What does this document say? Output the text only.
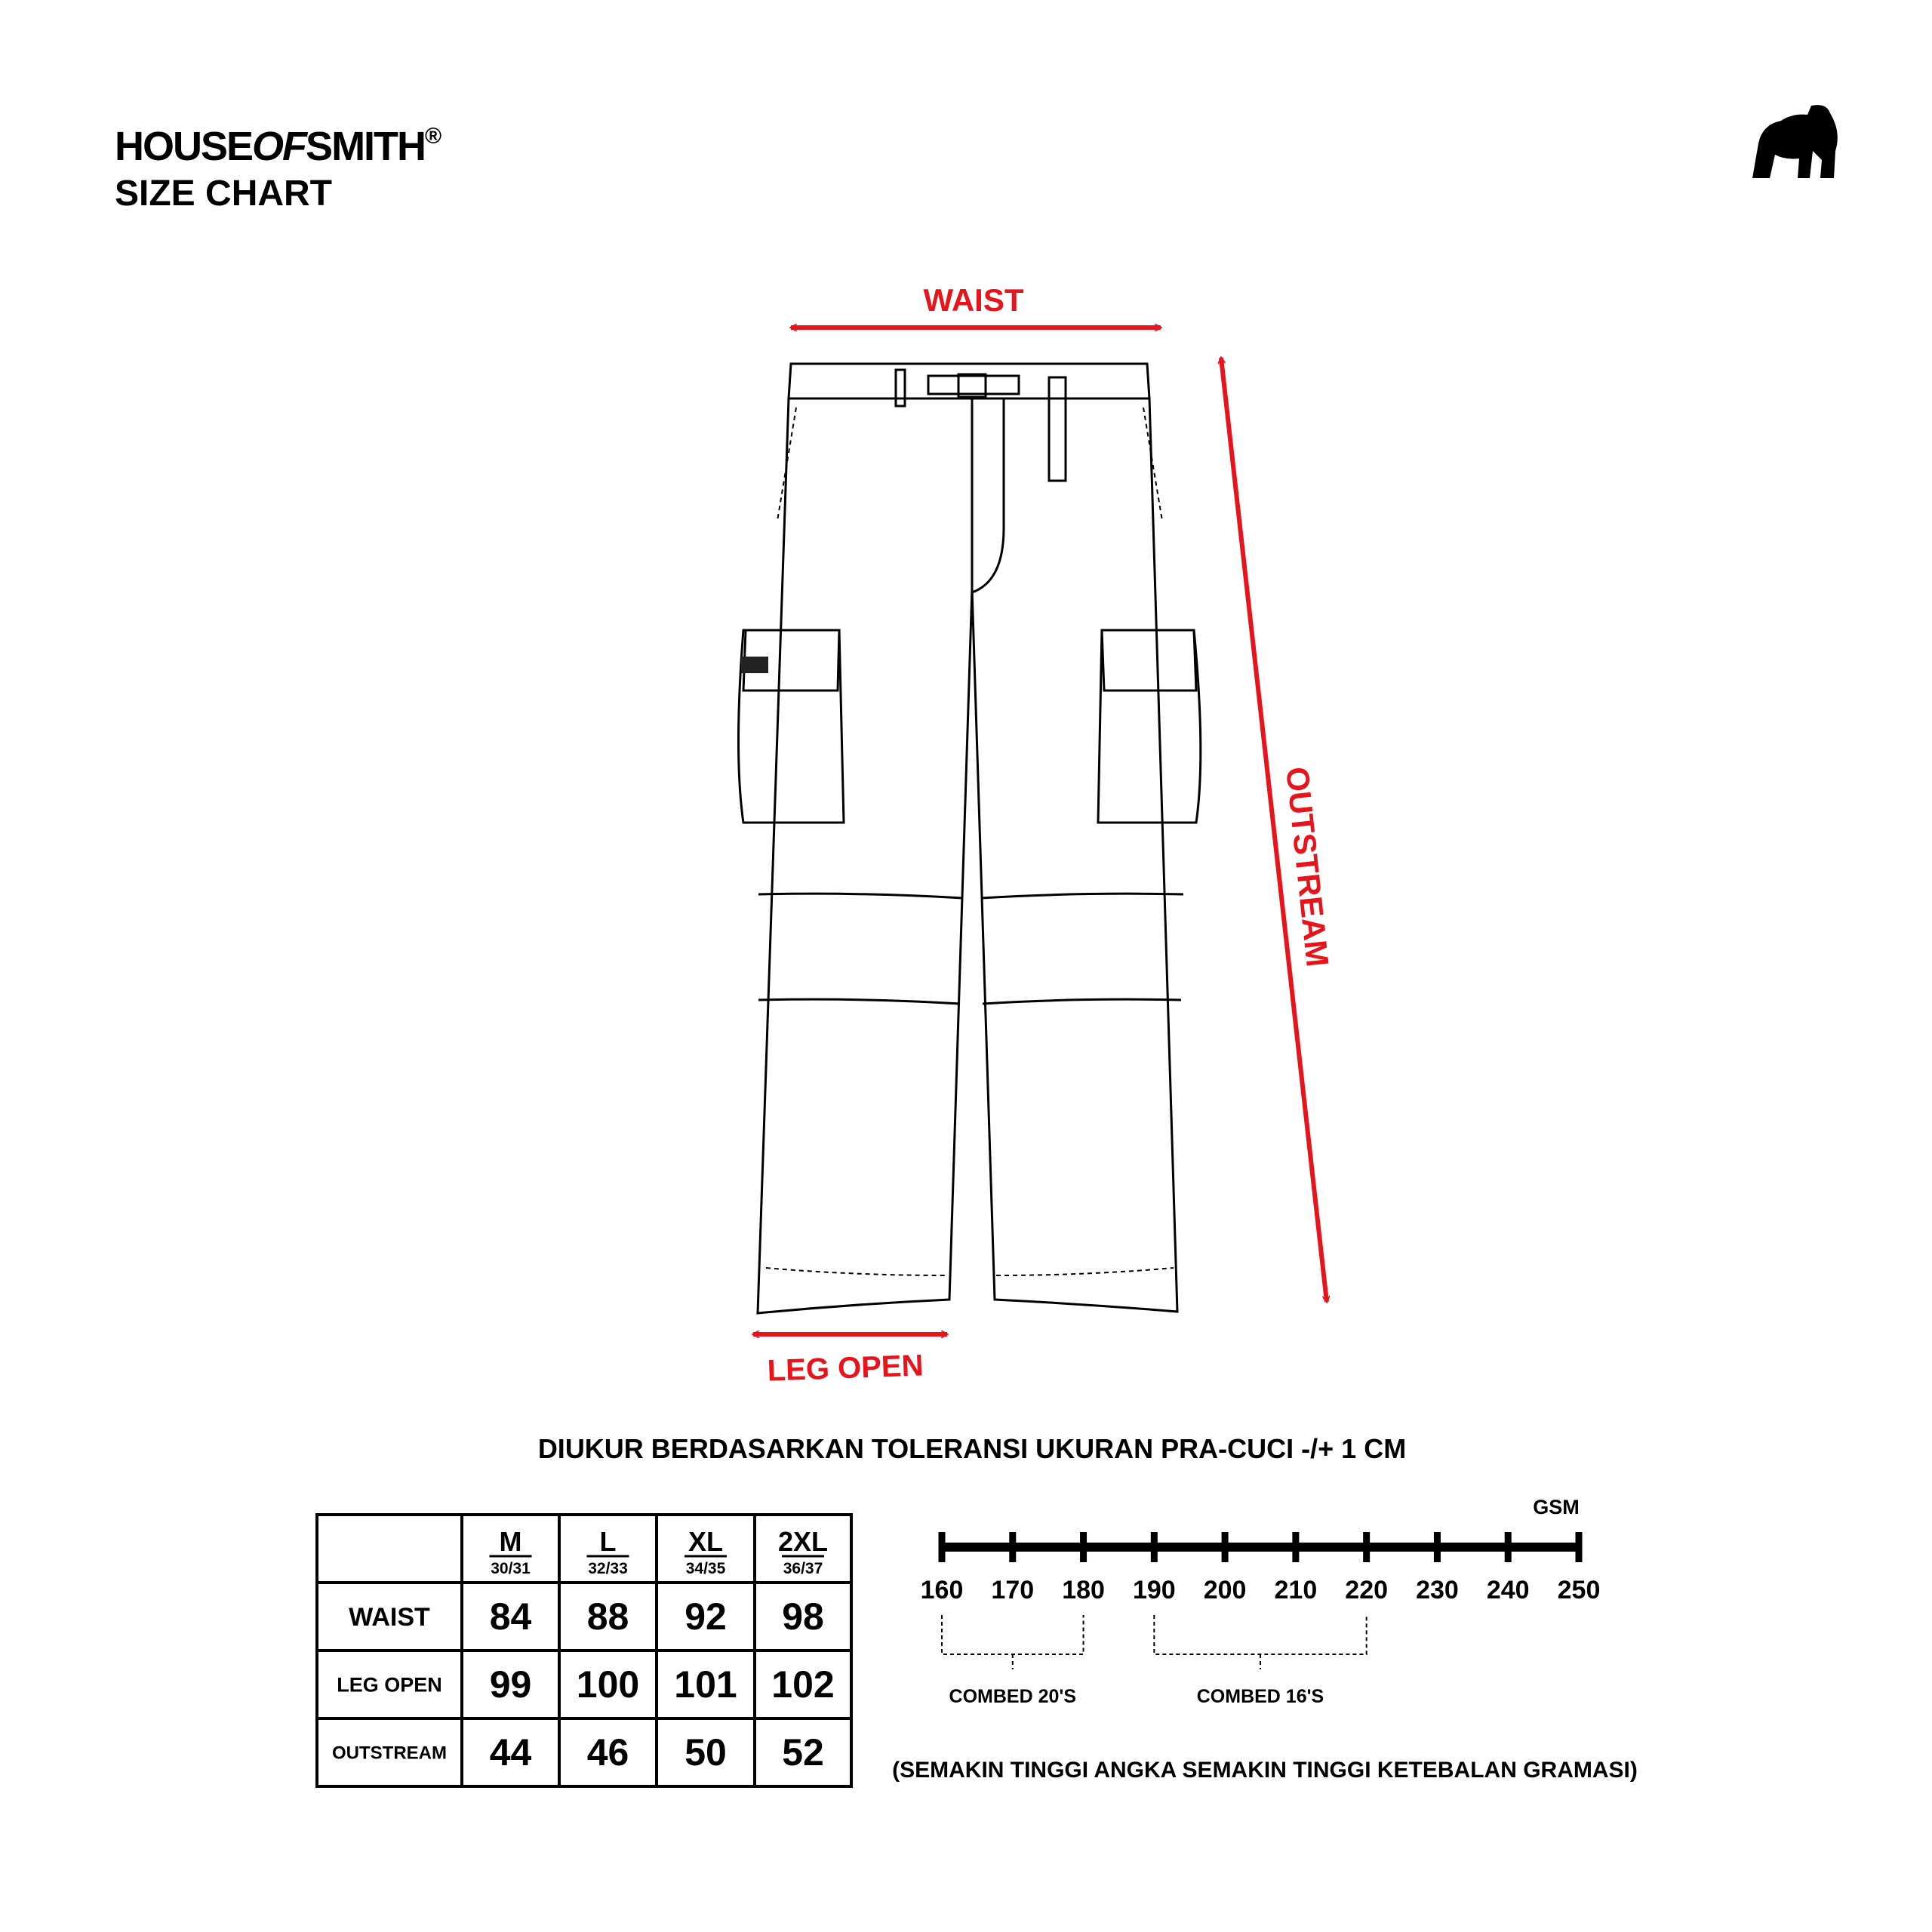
HOUSEOFSMITH®
SIZE CHART
WAIST
OUTSTREAM
LEG OPEN
DIUKUR BERDASARKAN TOLERANSI UKURAN PRA-CUCI -/+ 1 CM
M
30/31
L
32/33
XL
34/35
2XL
36/37
WAIST 84 88 92 98
LEG OPEN 99 100 101 102
OUTSTREAM 44 46 50 52
GSM
(SEMAKIN TINGGI ANGKA SEMAKIN TINGGI KETEBALAN GRAMASI)
160 170 180 190 200 210 220 230 240 250
COMBED 20'S	COMBED 16'S
